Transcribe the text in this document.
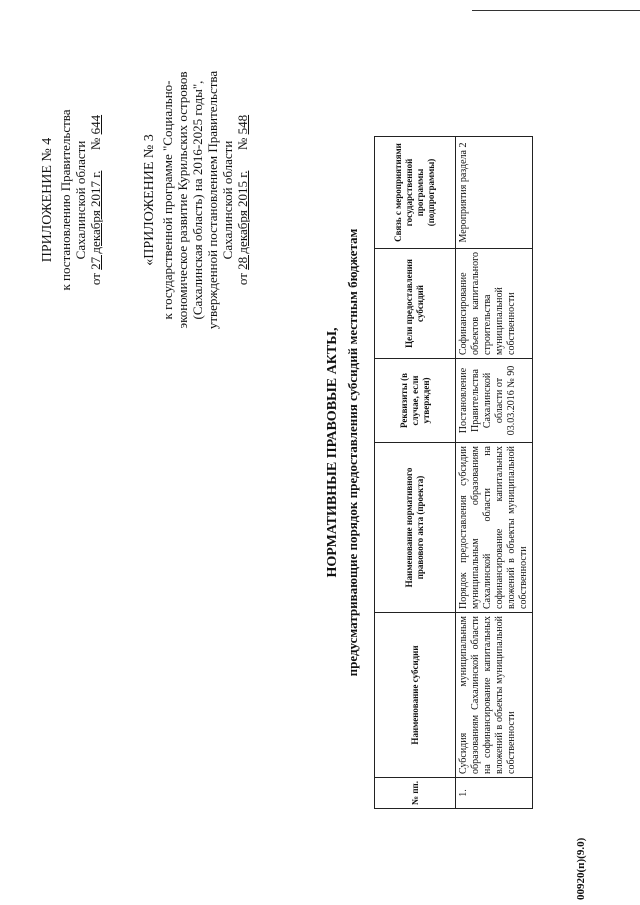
00920(п)(9.0)
ПРИЛОЖЕНИЕ № 4 к постановлению Правительства Сахалинской области
от 27 декабря 2017 г.  № 644
«ПРИЛОЖЕНИЕ № 3 к государственной программе "Социально- экономическое развитие Курильских островов (Сахалинская область) на 2016-2025 годы", утвержденной постановлением Правительства Сахалинской области
от 28 декабря 2015 г.  № 548
НОРМАТИВНЫЕ ПРАВОВЫЕ АКТЫ, предусматривающие порядок предоставления субсидий местным бюджетам
№ пп.	Наименование субсидии	Наименование нормативного правового акта (проекта)	Реквизиты (в случае, если утвержден)	Цели предоставления субсидий	Связь с мероприятиями государственной программы (подпрограммы)
1.	Субсидия муниципальным образованиям Сахалинской области на софинансирование капитальных вложений в объекты муниципальной собственности	Порядок предоставления субсидии муниципальным образованиям Сахалинской области на софинансирование капитальных вложений в объекты муниципальной собственности	Постановление Правительства Сахалинской области от 03.03.2016 № 90	Софинансирование объектов капитального строительства муниципальной собственности	Мероприятия раздела 2
